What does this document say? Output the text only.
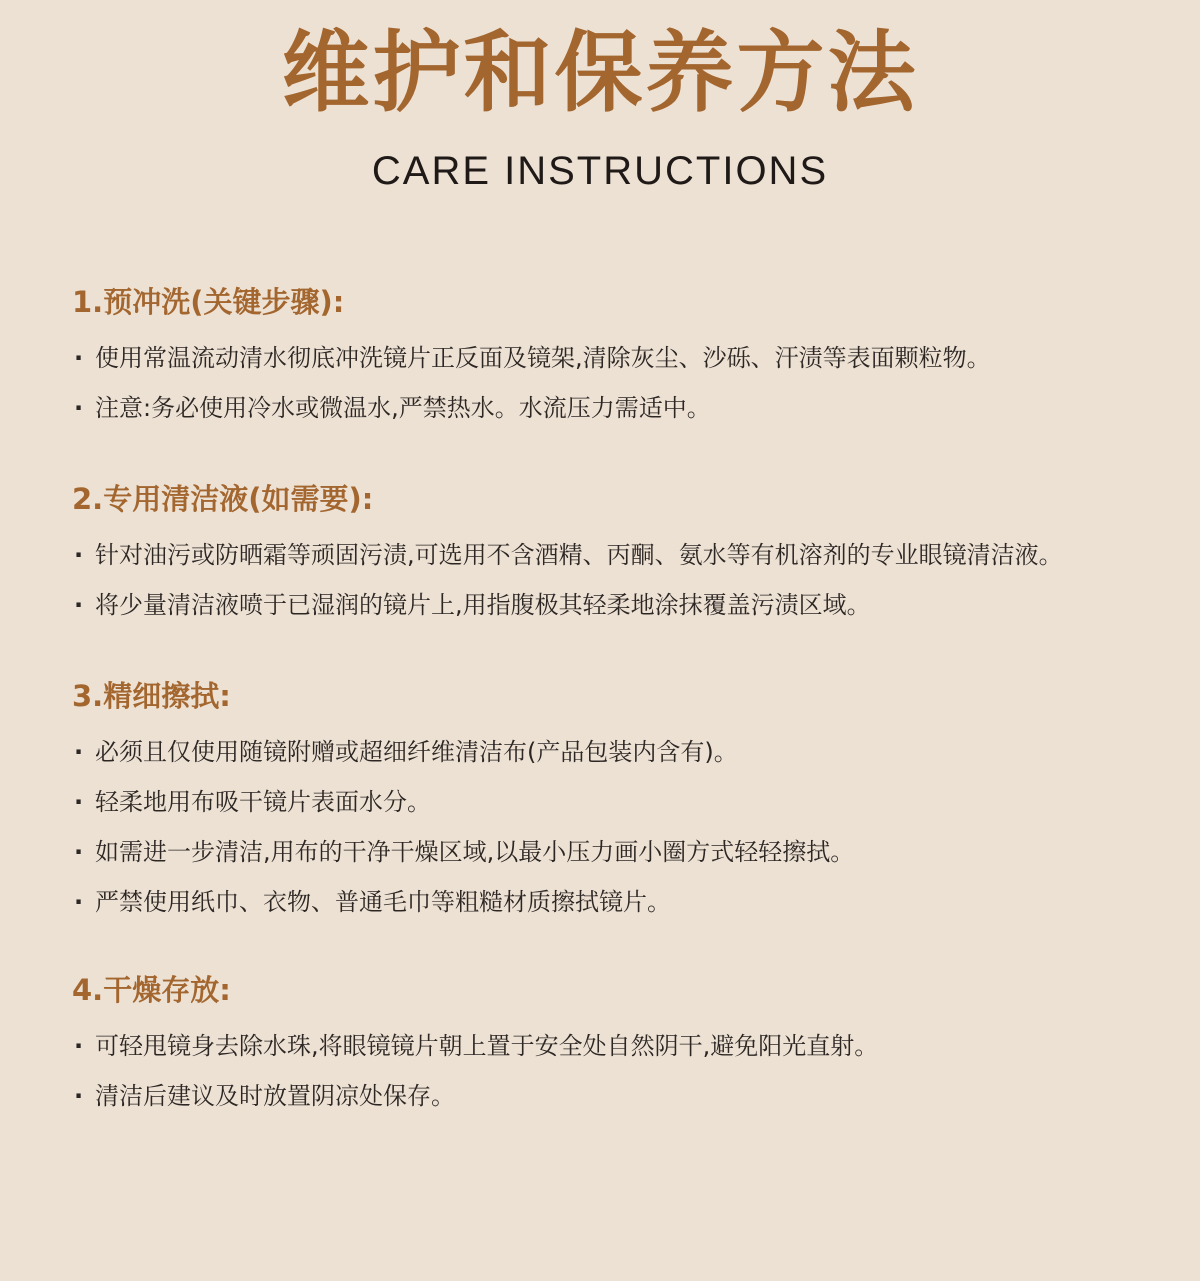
维护和保养方法
CARE INSTRUCTIONS
1.预冲洗(关键步骤):
· 使用常温流动清水彻底冲洗镜片正反面及镜架,清除灰尘、沙砾、汗渍等表面颗粒物。
· 注意:务必使用冷水或微温水,严禁热水。水流压力需适中。
2.专用清洁液(如需要):
· 针对油污或防晒霜等顽固污渍,可选用不含酒精、丙酮、氨水等有机溶剂的专业眼镜清洁液。
· 将少量清洁液喷于已湿润的镜片上,用指腹极其轻柔地涂抹覆盖污渍区域。
3.精细擦拭:
· 必须且仅使用随镜附赠或超细纤维清洁布(产品包装内含有)。
· 轻柔地用布吸干镜片表面水分。
· 如需进一步清洁,用布的干净干燥区域,以最小压力画小圈方式轻轻擦拭。
· 严禁使用纸巾、衣物、普通毛巾等粗糙材质擦拭镜片。
4.干燥存放:
· 可轻甩镜身去除水珠,将眼镜镜片朝上置于安全处自然阴干,避免阳光直射。
· 清洁后建议及时放置阴凉处保存。
